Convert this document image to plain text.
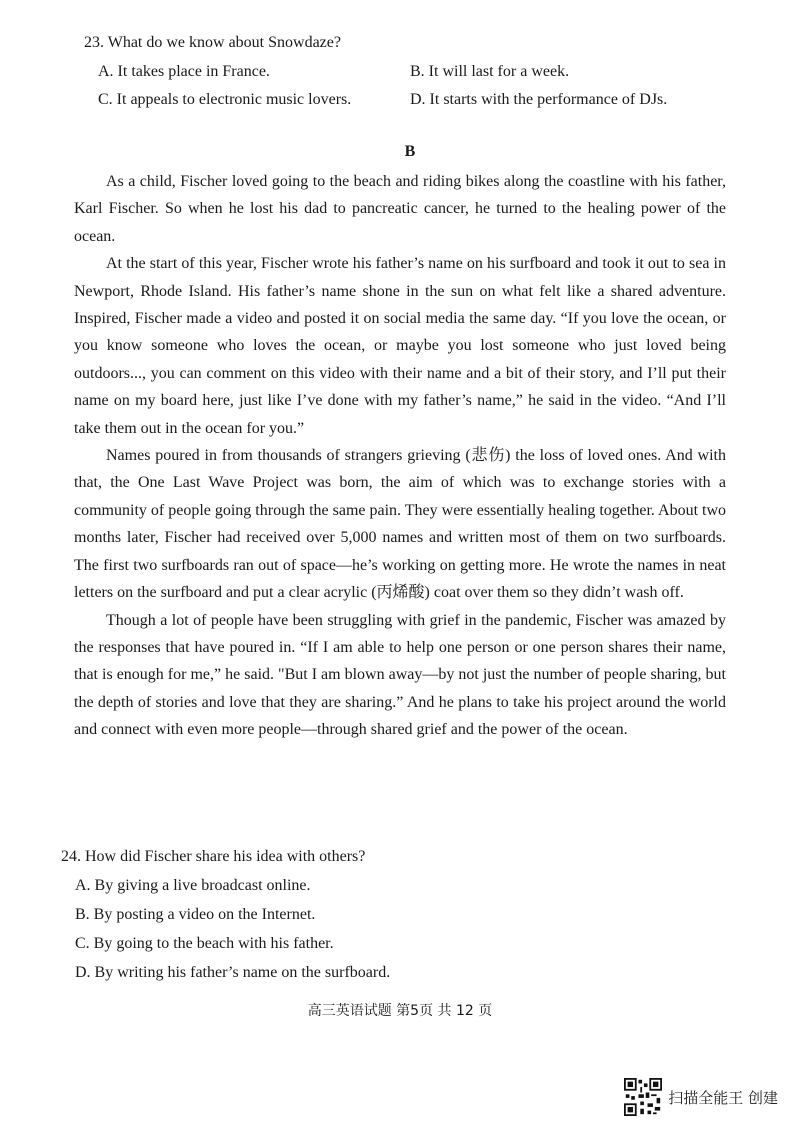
23. What do we know about Snowdaze?
A. It takes place in France.	B. It will last for a week.
C. It appeals to electronic music lovers.	D. It starts with the performance of DJs.
B

As a child, Fischer loved going to the beach and riding bikes along the coastline with his father, Karl Fischer. So when he lost his dad to pancreatic cancer, he turned to the healing power of the ocean.

At the start of this year, Fischer wrote his father’s name on his surfboard and took it out to sea in Newport, Rhode Island. His father’s name shone in the sun on what felt like a shared adventure. Inspired, Fischer made a video and posted it on social media the same day. “If you love the ocean, or you know someone who loves the ocean, or maybe you lost someone who just loved being outdoors..., you can comment on this video with their name and a bit of their story, and I’ll put their name on my board here, just like I’ve done with my father’s name,” he said in the video. “And I’ll take them out in the ocean for you.”

Names poured in from thousands of strangers grieving (悲伤) the loss of loved ones. And with that, the One Last Wave Project was born, the aim of which was to exchange stories with a community of people going through the same pain. They were essentially healing together. About two months later, Fischer had received over 5,000 names and written most of them on two surfboards. The first two surfboards ran out of space—he’s working on getting more. He wrote the names in neat letters on the surfboard and put a clear acrylic (丙烯酸) coat over them so they didn’t wash off.

Though a lot of people have been struggling with grief in the pandemic, Fischer was amazed by the responses that have poured in. “If I am able to help one person or one person shares their name, that is enough for me,” he said. "But I am blown away—by not just the number of people sharing, but the depth of stories and love that they are sharing.” And he plans to take his project around the world and connect with even more people—through shared grief and the power of the ocean.

24. How did Fischer share his idea with others?
A. By giving a live broadcast online.
B. By posting a video on the Internet.
C. By going to the beach with his father.
D. By writing his father’s name on the surfboard.
高三英语试题 第5页 共 12 页
扫描全能王 创建
